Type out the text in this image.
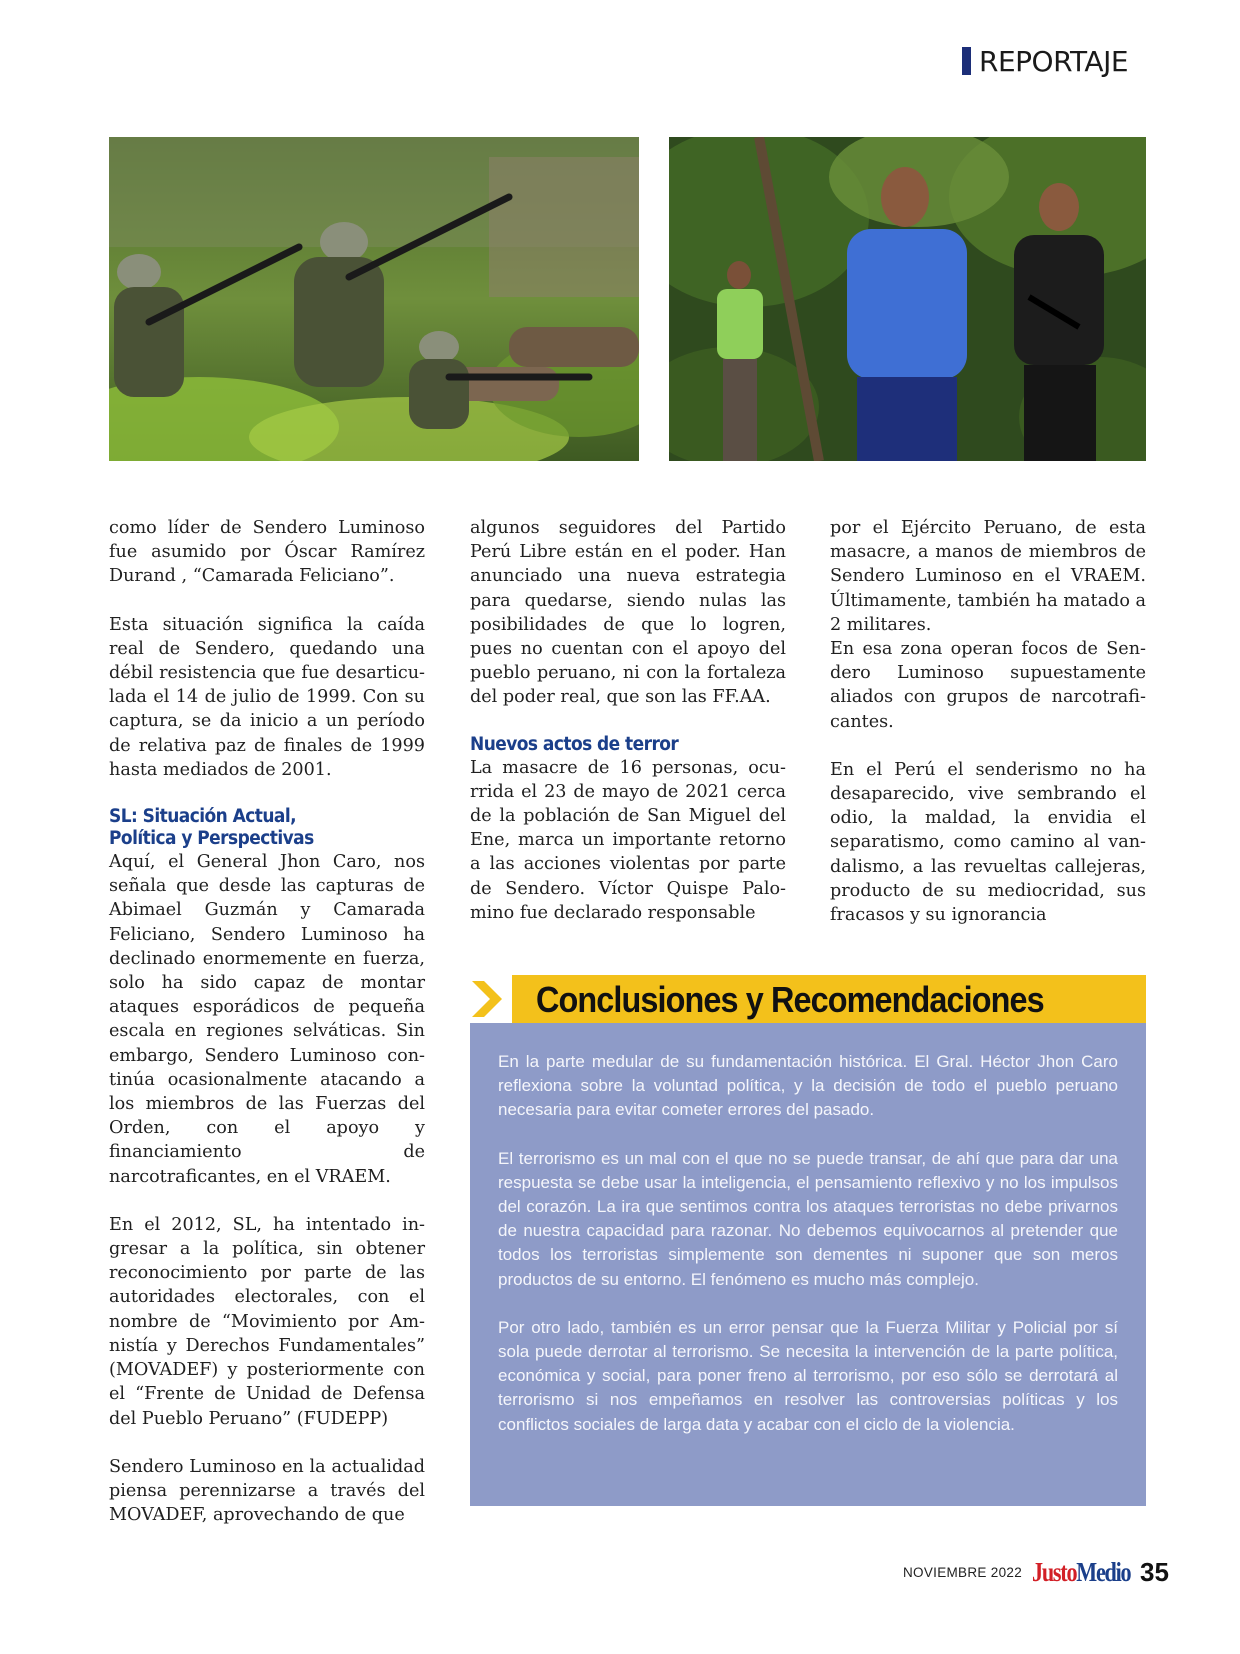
REPORTAJE

como líder de Sendero Luminoso fue asumido por Óscar Ramírez Durand , “Camarada Feliciano”.

Esta situación significa la caída real de Sendero, quedando una débil resistencia que fue desarticulada el 14 de julio de 1999. Con su captura, se da inicio a un período de relativa paz de finales de 1999 hasta mediados de 2001.

SL: Situación Actual,
Política y Perspectivas

Aquí, el General Jhon Caro, nos señala que desde las capturas de Abimael Guzmán y Camarada Feliciano, Sendero Luminoso ha declinado enormemente en fuerza, solo ha sido capaz de montar ataques esporádicos de pequeña escala en regiones selváticas. Sin embargo, Sendero Luminoso continúa ocasionalmente atacando a los miembros de las Fuerzas del Orden, con el apoyo y financiamiento de narcotraficantes, en el VRAEM.

En el 2012, SL, ha intentado ingresar a la política, sin obtener reconocimiento por parte de las autoridades electorales, con el nombre de “Movimiento por Amnistía y Derechos Fundamentales” (MOVADEF) y posteriormente con el “Frente de Unidad de Defensa del Pueblo Peruano” (FUDEPP)

Sendero Luminoso en la actualidad piensa perennizarse a través del MOVADEF, aprovechando de que

algunos seguidores del Partido Perú Libre están en el poder. Han anunciado una nueva estrategia para quedarse, siendo nulas las posibilidades de que lo logren, pues no cuentan con el apoyo del pueblo peruano, ni con la fortaleza del poder real, que son las FF.AA.

Nuevos actos de terror

La masacre de 16 personas, ocurrida el 23 de mayo de 2021 cerca de la población de San Miguel del Ene, marca un importante retorno a las acciones violentas por parte de Sendero. Víctor Quispe Palomino fue declarado responsable

por el Ejército Peruano, de esta masacre, a manos de miembros de Sendero Luminoso en el VRAEM. Últimamente, también ha matado a 2 militares.

En esa zona operan focos de Sendero Luminoso supuestamente aliados con grupos de narcotraficantes.

En el Perú el senderismo no ha desaparecido, vive sembrando el odio, la maldad, la envidia el separatismo, como camino al vandalismo, a las revueltas callejeras, producto de su mediocridad, sus fracasos y su ignorancia

Conclusiones y Recomendaciones

En la parte medular de su fundamentación histórica. El Gral. Héctor Jhon Caro reflexiona sobre la voluntad política, y la decisión de todo el pueblo peruano necesaria para evitar cometer errores del pasado.

El terrorismo es un mal con el que no se puede transar, de ahí que para dar una respuesta se debe usar la inteligencia, el pensamiento reflexivo y no los impulsos del corazón. La ira que sentimos contra los ataques terroristas no debe privarnos de nuestra capacidad para razonar. No debemos equivocarnos al pretender que todos los terroristas simplemente son dementes ni suponer que son meros productos de su entorno. El fenómeno es mucho más complejo.

Por otro lado, también es un error pensar que la Fuerza Militar y Policial por sí sola puede derrotar al terrorismo. Se necesita la intervención de la parte política, económica y social, para poner freno al terrorismo, por eso sólo se derrotará al terrorismo si nos empeñamos en resolver las controversias políticas y los conflictos sociales de larga data y acabar con el ciclo de la violencia.

NOVIEMBRE 2022 JustoMedio 35
